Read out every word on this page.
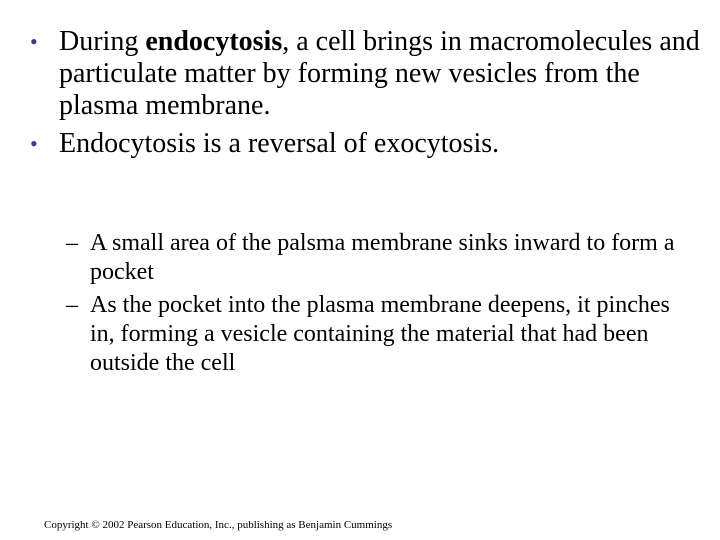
• During endocytosis, a cell brings in macromolecules and particulate matter by forming new vesicles from the plasma membrane.
• Endocytosis is a reversal of exocytosis.
– A small area of the palsma membrane sinks inward to form a pocket
– As the pocket into the plasma membrane deepens, it pinches in, forming a vesicle containing the material that had been outside the cell
Copyright © 2002 Pearson Education, Inc., publishing as Benjamin Cummings
